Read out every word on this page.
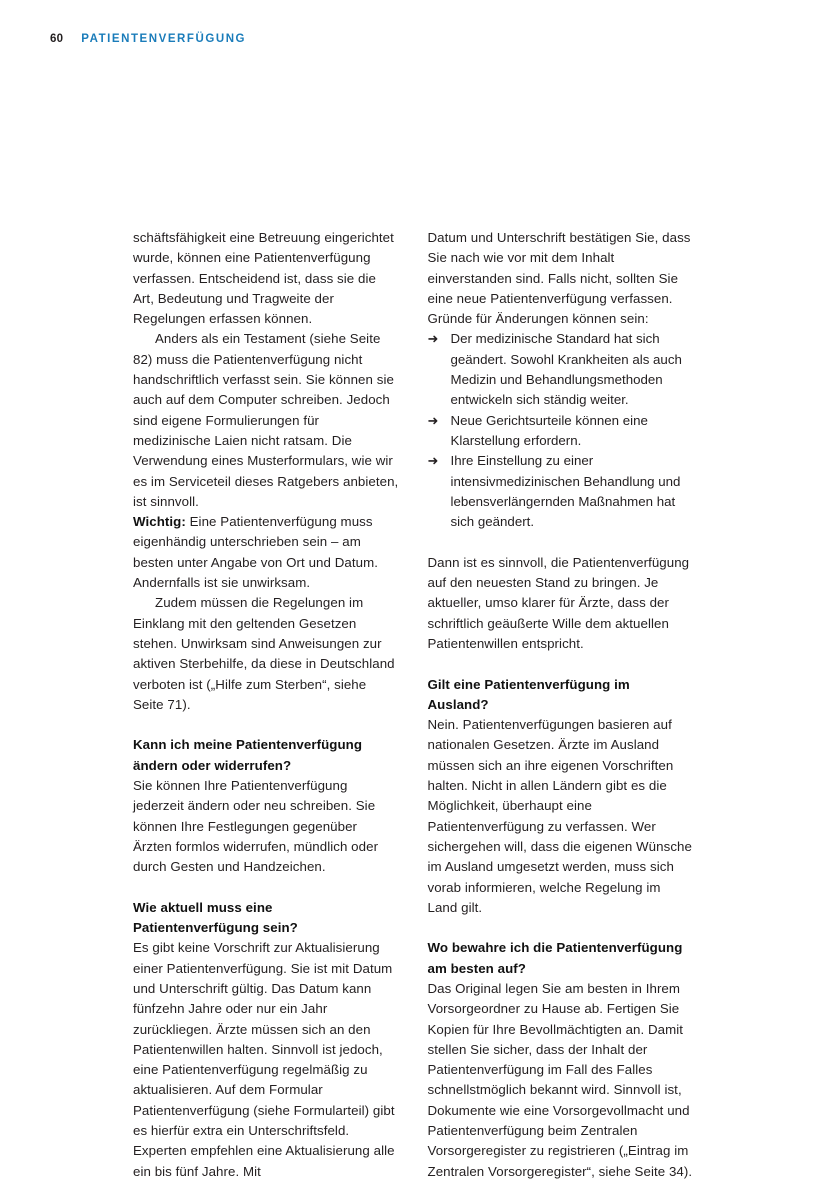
60 PATIENTENVERFÜGUNG

schäftsfähigkeit eine Betreuung eingerichtet wurde, können eine Patientenverfügung verfassen. Entscheidend ist, dass sie die Art, Bedeutung und Tragweite der Regelungen erfassen können.

Anders als ein Testament (siehe Seite 82) muss die Patientenverfügung nicht handschriftlich verfasst sein. Sie können sie auch auf dem Computer schreiben. Jedoch sind eigene Formulierungen für medizinische Laien nicht ratsam. Die Verwendung eines Musterformulars, wie wir es im Serviceteil dieses Ratgebers anbieten, ist sinnvoll.

Wichtig: Eine Patientenverfügung muss eigenhändig unterschrieben sein – am besten unter Angabe von Ort und Datum. Andernfalls ist sie unwirksam.

Zudem müssen die Regelungen im Einklang mit den geltenden Gesetzen stehen. Unwirksam sind Anweisungen zur aktiven Sterbehilfe, da diese in Deutschland verboten ist („Hilfe zum Sterben“, siehe Seite 71).

Kann ich meine Patientenverfügung ändern oder widerrufen?

Sie können Ihre Patientenverfügung jederzeit ändern oder neu schreiben. Sie können Ihre Festlegungen gegenüber Ärzten formlos widerrufen, mündlich oder durch Gesten und Handzeichen.

Wie aktuell muss eine Patientenverfügung sein?

Es gibt keine Vorschrift zur Aktualisierung einer Patientenverfügung. Sie ist mit Datum und Unterschrift gültig. Das Datum kann fünfzehn Jahre oder nur ein Jahr zurückliegen. Ärzte müssen sich an den Patientenwillen halten. Sinnvoll ist jedoch, eine Patientenverfügung regelmäßig zu aktualisieren. Auf dem Formular Patientenverfügung (siehe Formularteil) gibt es hierfür extra ein Unterschriftsfeld. Experten empfehlen eine Aktualisierung alle ein bis fünf Jahre. Mit

Datum und Unterschrift bestätigen Sie, dass Sie nach wie vor mit dem Inhalt einverstanden sind. Falls nicht, sollten Sie eine neue Patientenverfügung verfassen.

Gründe für Änderungen können sein:

➜ Der medizinische Standard hat sich geändert. Sowohl Krankheiten als auch Medizin und Behandlungsmethoden entwickeln sich ständig weiter.
➜ Neue Gerichtsurteile können eine Klarstellung erfordern.
➜ Ihre Einstellung zu einer intensivmedizinischen Behandlung und lebensverlängernden Maßnahmen hat sich geändert.

Dann ist es sinnvoll, die Patientenverfügung auf den neuesten Stand zu bringen. Je aktueller, umso klarer für Ärzte, dass der schriftlich geäußerte Wille dem aktuellen Patientenwillen entspricht.

Gilt eine Patientenverfügung im Ausland?

Nein. Patientenverfügungen basieren auf nationalen Gesetzen. Ärzte im Ausland müssen sich an ihre eigenen Vorschriften halten. Nicht in allen Ländern gibt es die Möglichkeit, überhaupt eine Patientenverfügung zu verfassen. Wer sichergehen will, dass die eigenen Wünsche im Ausland umgesetzt werden, muss sich vorab informieren, welche Regelung im Land gilt.

Wo bewahre ich die Patientenverfügung am besten auf?

Das Original legen Sie am besten in Ihrem Vorsorgeordner zu Hause ab. Fertigen Sie Kopien für Ihre Bevollmächtigten an. Damit stellen Sie sicher, dass der Inhalt der Patientenverfügung im Fall des Falles schnellstmöglich bekannt wird. Sinnvoll ist, Dokumente wie eine Vorsorgevollmacht und Patientenverfügung beim Zentralen Vorsorgeregister zu registrieren („Eintrag im Zentralen Vorsorgeregister“, siehe Seite 34).
